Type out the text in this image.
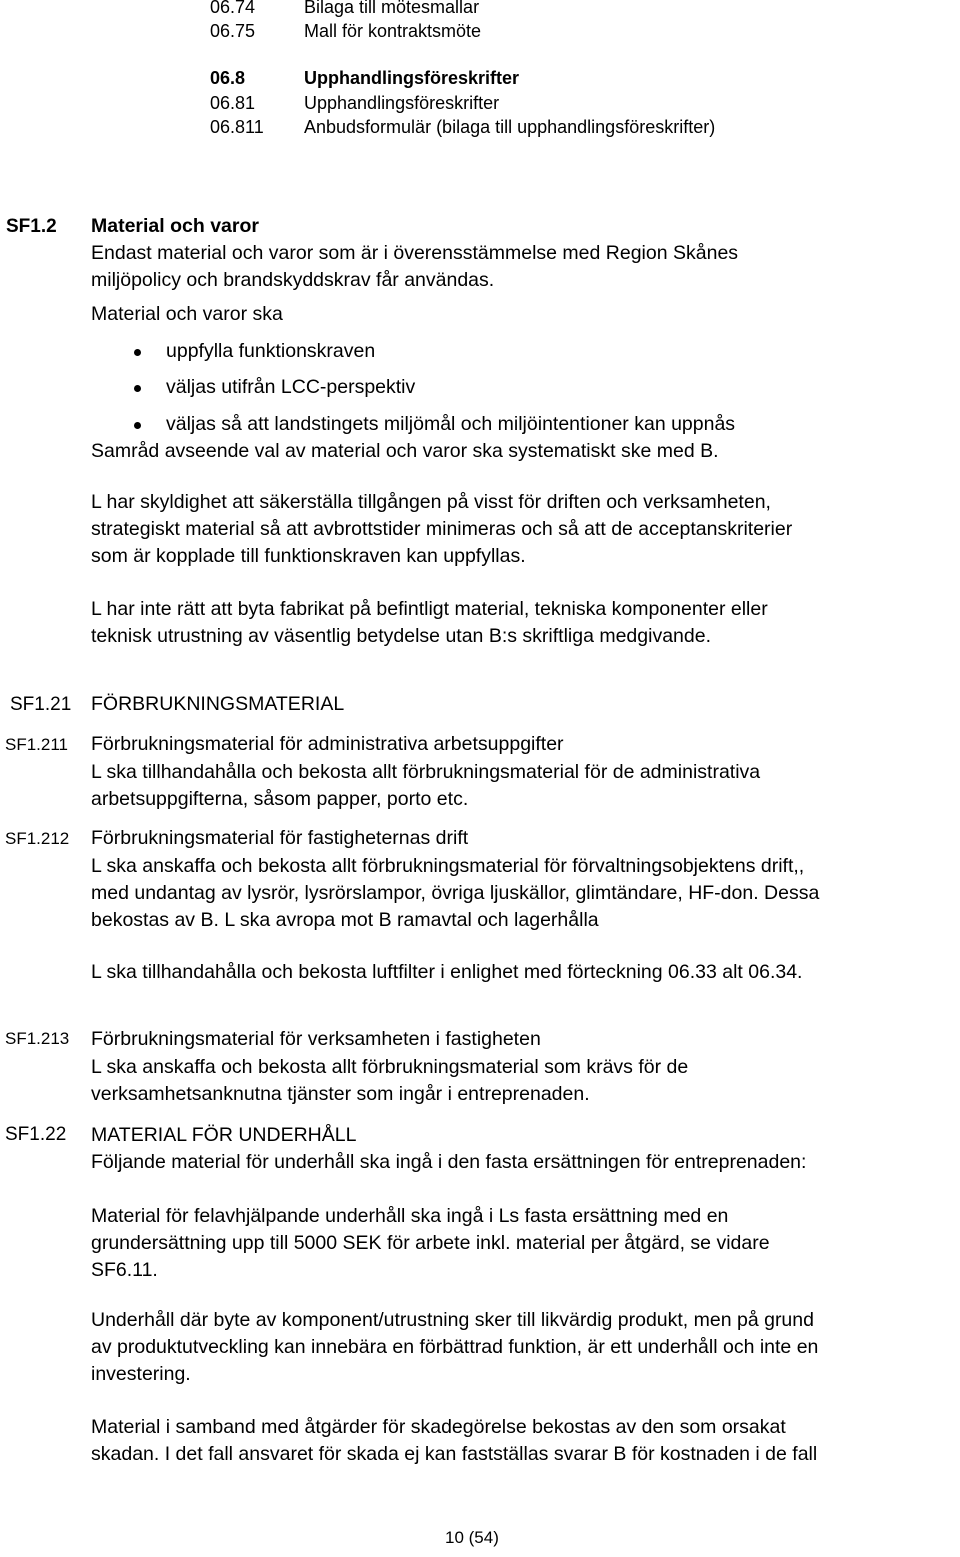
06.74	Bilaga till mötesmallar
06.75	Mall för kontraktsmöte
06.8	Upphandlingsföreskrifter
06.81	Upphandlingsföreskrifter
06.811 Anbudsformulär (bilaga till upphandlingsföreskrifter)
SF1.2 Material och varor
Endast material och varor som är i överensstämmelse med Region Skånes
miljöpolicy och brandskyddskrav får användas.
Material och varor ska
uppfylla funktionskraven
väljas utifrån LCC-perspektiv
väljas så att landstingets miljömål och miljöintentioner kan uppnås
Samråd avseende val av material och varor ska systematiskt ske med B.
L har skyldighet att säkerställa tillgången på visst för driften och verksamheten,
strategiskt material så att avbrottstider minimeras och så att de acceptanskriterier
som är kopplade till funktionskraven kan uppfyllas.
L har inte rätt att byta fabrikat på befintligt material, tekniska komponenter eller
teknisk utrustning av väsentlig betydelse utan B:s skriftliga medgivande.
SF1.21 FÖRBRUKNINGSMATERIAL
SF1.211 Förbrukningsmaterial för administrativa arbetsuppgifter
L ska tillhandahålla och bekosta allt förbrukningsmaterial för de administrativa
arbetsuppgifterna, såsom papper, porto etc.
SF1.212 Förbrukningsmaterial för fastigheternas drift
L ska anskaffa och bekosta allt förbrukningsmaterial för förvaltningsobjektens drift,,
med undantag av lysrör, lysrörslampor, övriga ljuskällor, glimtändare, HF-don. Dessa
bekostas av B. L ska avropa mot B ramavtal och lagerhålla
L ska tillhandahålla och bekosta luftfilter i enlighet med förteckning 06.33 alt 06.34.
SF1.213 Förbrukningsmaterial för verksamheten i fastigheten
L ska anskaffa och bekosta allt förbrukningsmaterial som krävs för de
verksamhetsanknutna tjänster som ingår i entreprenaden.
SF1.22 MATERIAL FÖR UNDERHÅLL
Följande material för underhåll ska ingå i den fasta ersättningen för entreprenaden:
Material för felavhjälpande underhåll ska ingå i Ls fasta ersättning med en
grundersättning upp till 5000 SEK för arbete inkl. material per åtgärd, se vidare
SF6.11.
Underhåll där byte av komponent/utrustning sker till likvärdig produkt, men på grund
av produktutveckling kan innebära en förbättrad funktion, är ett underhåll och inte en
investering.
Material i samband med åtgärder för skadegörelse bekostas av den som orsakat
skadan. I det fall ansvaret för skada ej kan fastställas svarar B för kostnaden i de fall
10 (54)
